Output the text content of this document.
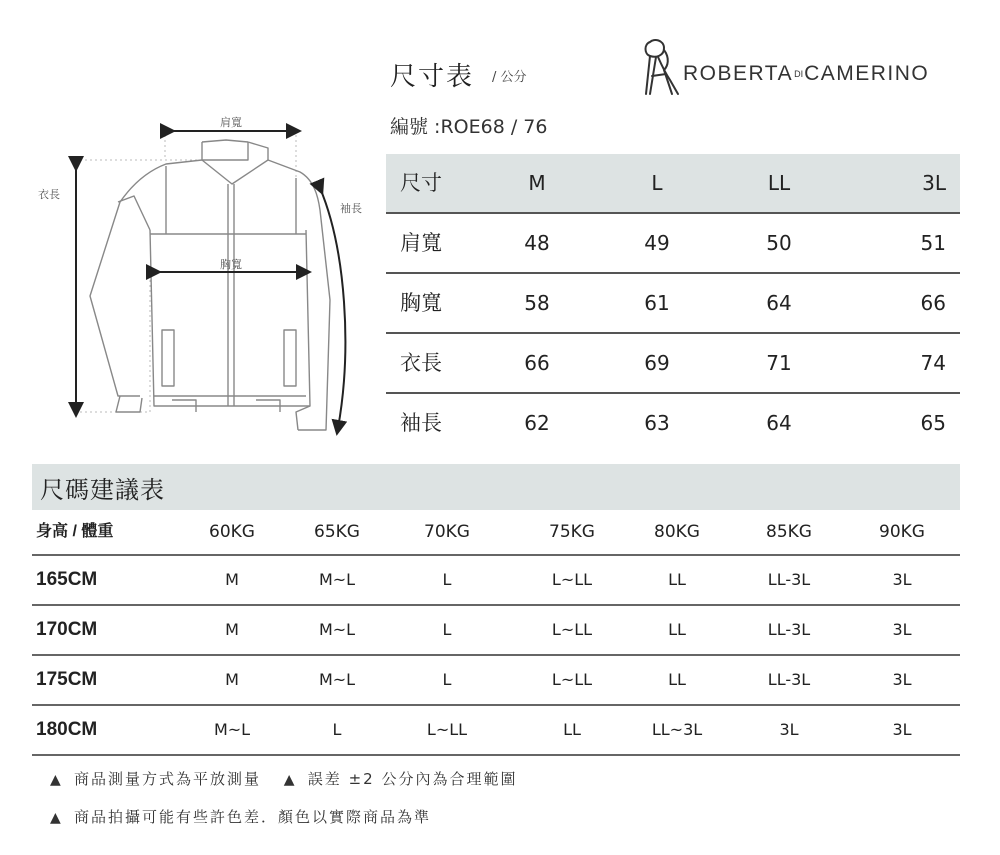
尺寸表 / 公分
編號 :ROE68 / 76
ROBERTADICAMERINO
肩寬
胸寬
衣長
袖長
尺寸	M	L	LL	3L
肩寬	48	49	50	51
胸寬	58	61	64	66
衣長	66	69	71	74
袖長	62	63	64	65
尺碼建議表
身高 / 體重	60KG	65KG	70KG	75KG	80KG	85KG	90KG
165CM	M	M~L	L	L~LL	LL	LL-3L	3L
170CM	M	M~L	L	L~LL	LL	LL-3L	3L
175CM	M	M~L	L	L~LL	LL	LL-3L	3L
180CM	M~L	L	L~LL	LL	LL~3L	3L	3L
▲ 商品測量方式為平放測量 ▲ 誤差 ±2 公分內為合理範圍
▲ 商品拍攝可能有些許色差．顏色以實際商品為準
